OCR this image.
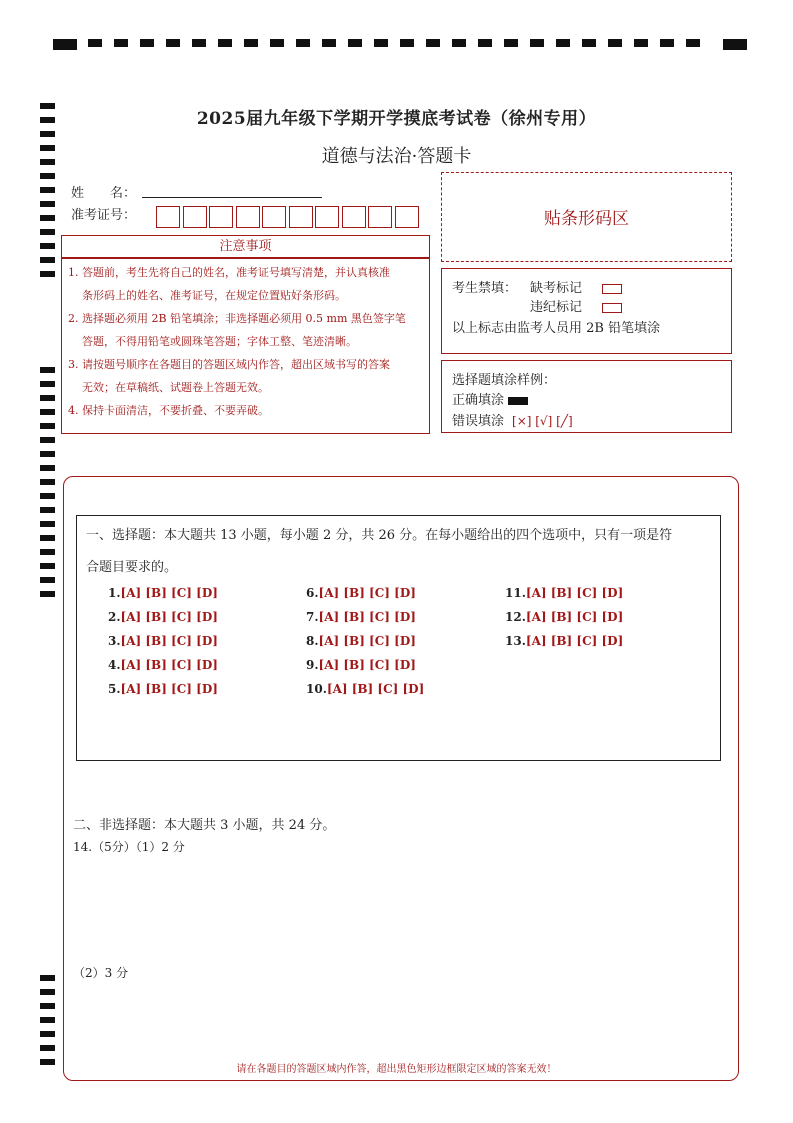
2025届九年级下学期开学摸底考试卷（徐州专用）
道德与法治·答题卡
姓　　名：
准考证号：	贴条形码区
注意事项
1. 答题前，考生先将自己的姓名，准考证号填写清楚，并认真核准
条形码上的姓名、准考证号，在规定位置贴好条形码。
2. 选择题必须用 2B 铅笔填涂；非选择题必须用 0.5 mm 黑色签字笔
答题，不得用铅笔或圆珠笔答题；字体工整、笔迹清晰。
3. 请按题号顺序在各题目的答题区域内作答，超出区域书写的答案
无效；在草稿纸、试题卷上答题无效。
4. 保持卡面清洁，不要折叠、不要弄破。
考生禁填： 缺考标记
违纪标记
以上标志由监考人员用 2B 铅笔填涂
选择题填涂样例：
正确填涂
错误填涂 [×] [√] [╱]
一、选择题：本大题共 13 小题，每小题 2 分，共 26 分。在每小题给出的四个选项中，只有一项是符
合题目要求的。
1.[A] [B] [C] [D]
2.[A] [B] [C] [D]
3.[A] [B] [C] [D]
4.[A] [B] [C] [D]
5.[A] [B] [C] [D]
6.[A] [B] [C] [D]
7.[A] [B] [C] [D]
8.[A] [B] [C] [D]
9.[A] [B] [C] [D]
10.[A] [B] [C] [D]
11.[A] [B] [C] [D]
12.[A] [B] [C] [D]
13.[A] [B] [C] [D]
二、非选择题：本大题共 3 小题，共 24 分。
14.（5分）（1）2 分
（2）3 分
请在各题目的答题区域内作答，超出黑色矩形边框限定区域的答案无效！
